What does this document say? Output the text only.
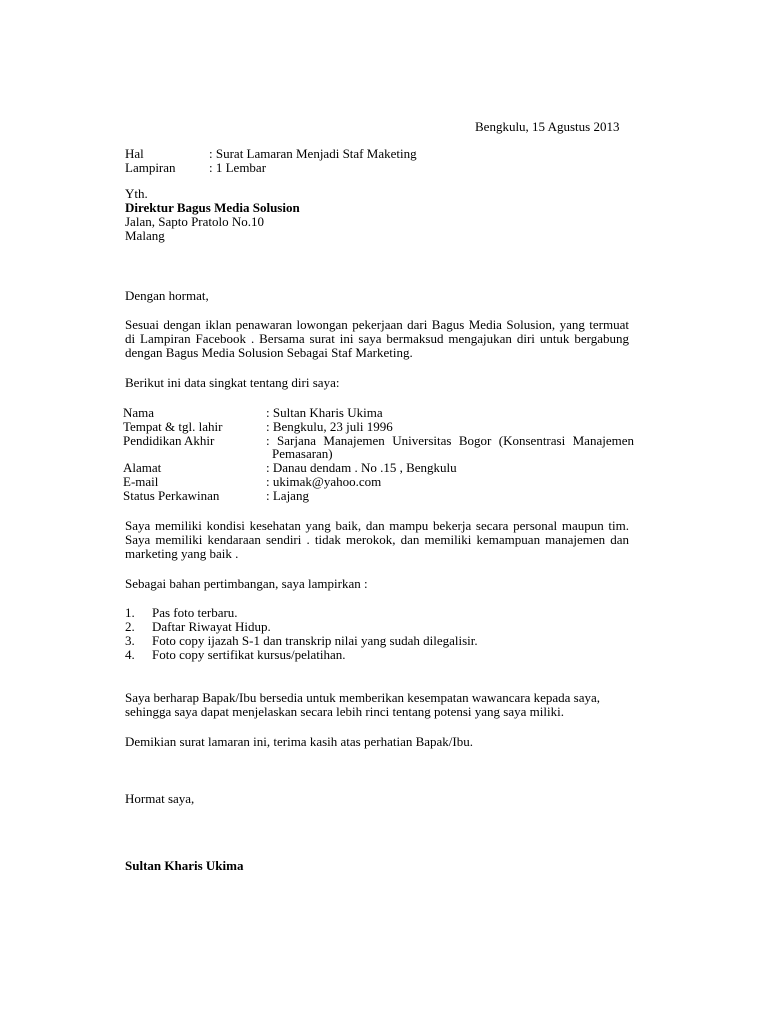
Bengkulu, 15 Agustus 2013
Hal	: Surat Lamaran Menjadi Staf Maketing
Lampiran	: 1 Lembar
Yth.
Direktur Bagus Media Solusion
Jalan, Sapto Pratolo No.10
Malang
Dengan hormat,
Sesuai dengan iklan penawaran lowongan pekerjaan dari Bagus Media Solusion, yang termuat di Lampiran Facebook . Bersama surat ini saya bermaksud mengajukan diri untuk bergabung dengan Bagus Media Solusion Sebagai Staf Marketing.
Berikut ini data singkat tentang diri saya:
Nama	: Sultan Kharis Ukima
Tempat & tgl. lahir	: Bengkulu, 23 juli 1996
Pendidikan Akhir	: Sarjana Manajemen Universitas Bogor (Konsentrasi Manajemen
Pemasaran)
Alamat	: Danau dendam . No .15 , Bengkulu
E-mail	: ukimak@yahoo.com
Status Perkawinan	: Lajang
Saya memiliki kondisi kesehatan yang baik, dan mampu bekerja secara personal maupun tim. Saya memiliki kendaraan sendiri . tidak merokok, dan memiliki kemampuan manajemen dan marketing yang baik .
Sebagai bahan pertimbangan, saya lampirkan :
1. Pas foto terbaru.
2. Daftar Riwayat Hidup.
3. Foto copy ijazah S-1 dan transkrip nilai yang sudah dilegalisir.
4. Foto copy sertifikat kursus/pelatihan.
Saya berharap Bapak/Ibu bersedia untuk memberikan kesempatan wawancara kepada saya,
sehingga saya dapat menjelaskan secara lebih rinci tentang potensi yang saya miliki.
Demikian surat lamaran ini, terima kasih atas perhatian Bapak/Ibu.
Hormat saya,
Sultan Kharis Ukima
